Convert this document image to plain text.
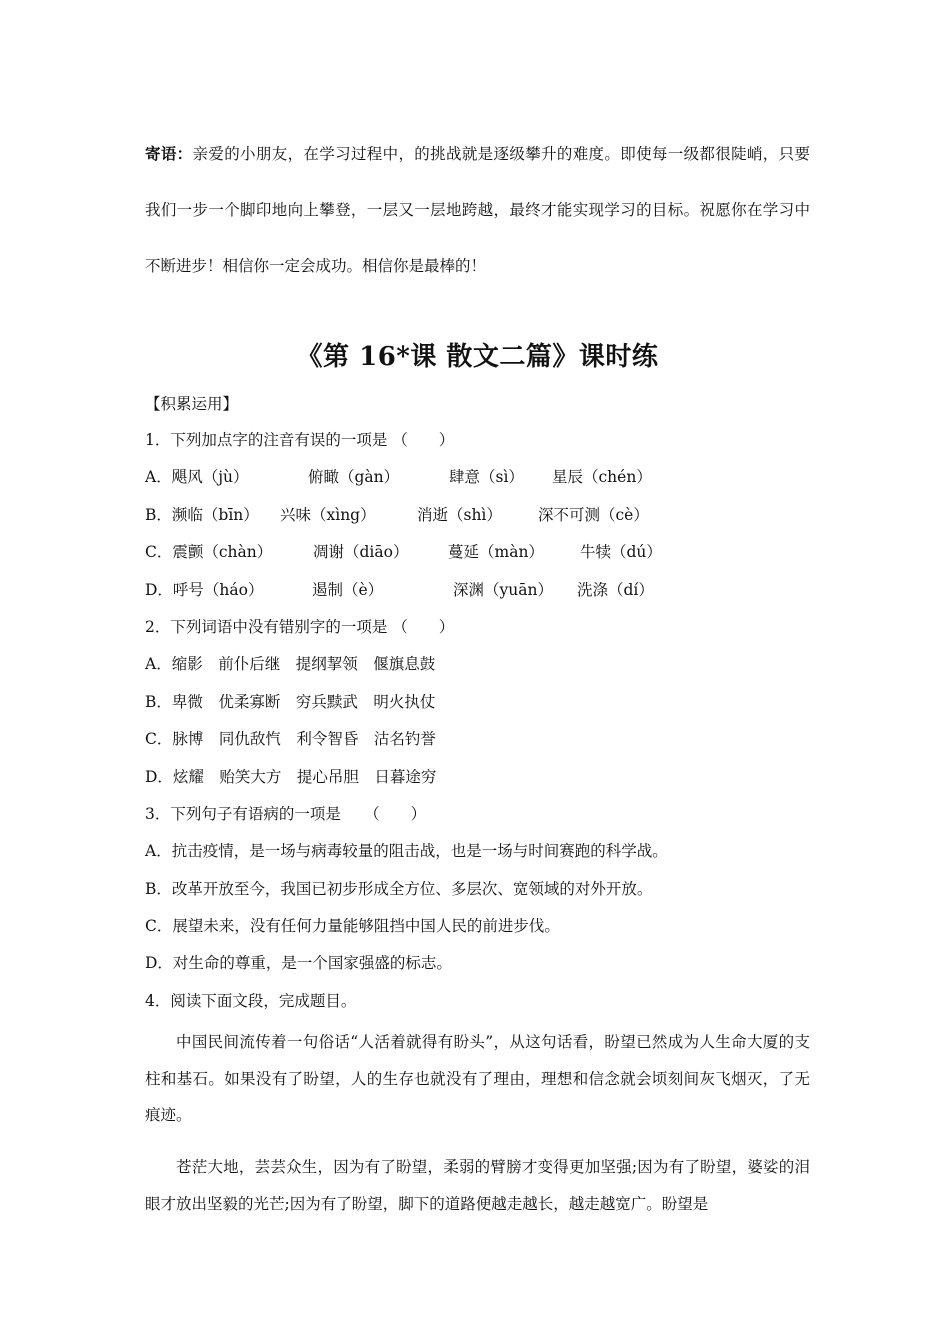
寄语：亲爱的小朋友，在学习过程中，的挑战就是逐级攀升的难度。即使每一级都很陡峭，只要我们一步一个脚印地向上攀登，一层又一层地跨越，最终才能实现学习的目标。祝愿你在学习中不断进步！相信你一定会成功。相信你是最棒的！
《第 16*课 散文二篇》课时练
【积累运用】
1．下列加点字的注音有误的一项是 （　　）
A．飓风（jù）	俯瞰（gàn）	肆意（sì） 星辰（chén）
B．濒临（bīn） 兴味（xìng）	消逝（shì） 深不可测（cè）
C．震颤（chàn）	凋谢（diāo）	蔓延（màn） 牛犊（dú）
D．呼号（háo）	遏制（è）	深渊（yuān） 洗涤（dí）
2．下列词语中没有错别字的一项是 （　　）
A．缩影　前仆后继　提纲挈领　偃旗息鼓
B．卑微　优柔寡断　穷兵黩武　明火执仗
C．脉博　同仇敌忾　利令智昏　沽名钓誉
D．炫耀　贻笑大方　提心吊胆　日暮途穷
3．下列句子有语病的一项是　　（　　）
A．抗击疫情，是一场与病毒较量的阻击战，也是一场与时间赛跑的科学战。
B．改革开放至今，我国已初步形成全方位、多层次、宽领域的对外开放。
C．展望未来，没有任何力量能够阻挡中国人民的前进步伐。
D．对生命的尊重，是一个国家强盛的标志。
4．阅读下面文段，完成题目。

中国民间流传着一句俗话“人活着就得有盼头”，从这句话看，盼望已然成为人生命大厦的支柱和基石。如果没有了盼望，人的生存也就没有了理由，理想和信念就会顷刻间灰飞烟灭，了无痕迹。

苍茫大地，芸芸众生，因为有了盼望，柔弱的臂膀才变得更加坚强;因为有了盼望，婆娑的泪眼才放出坚毅的光芒;因为有了盼望，脚下的道路便越走越长，越走越宽广。盼望是
